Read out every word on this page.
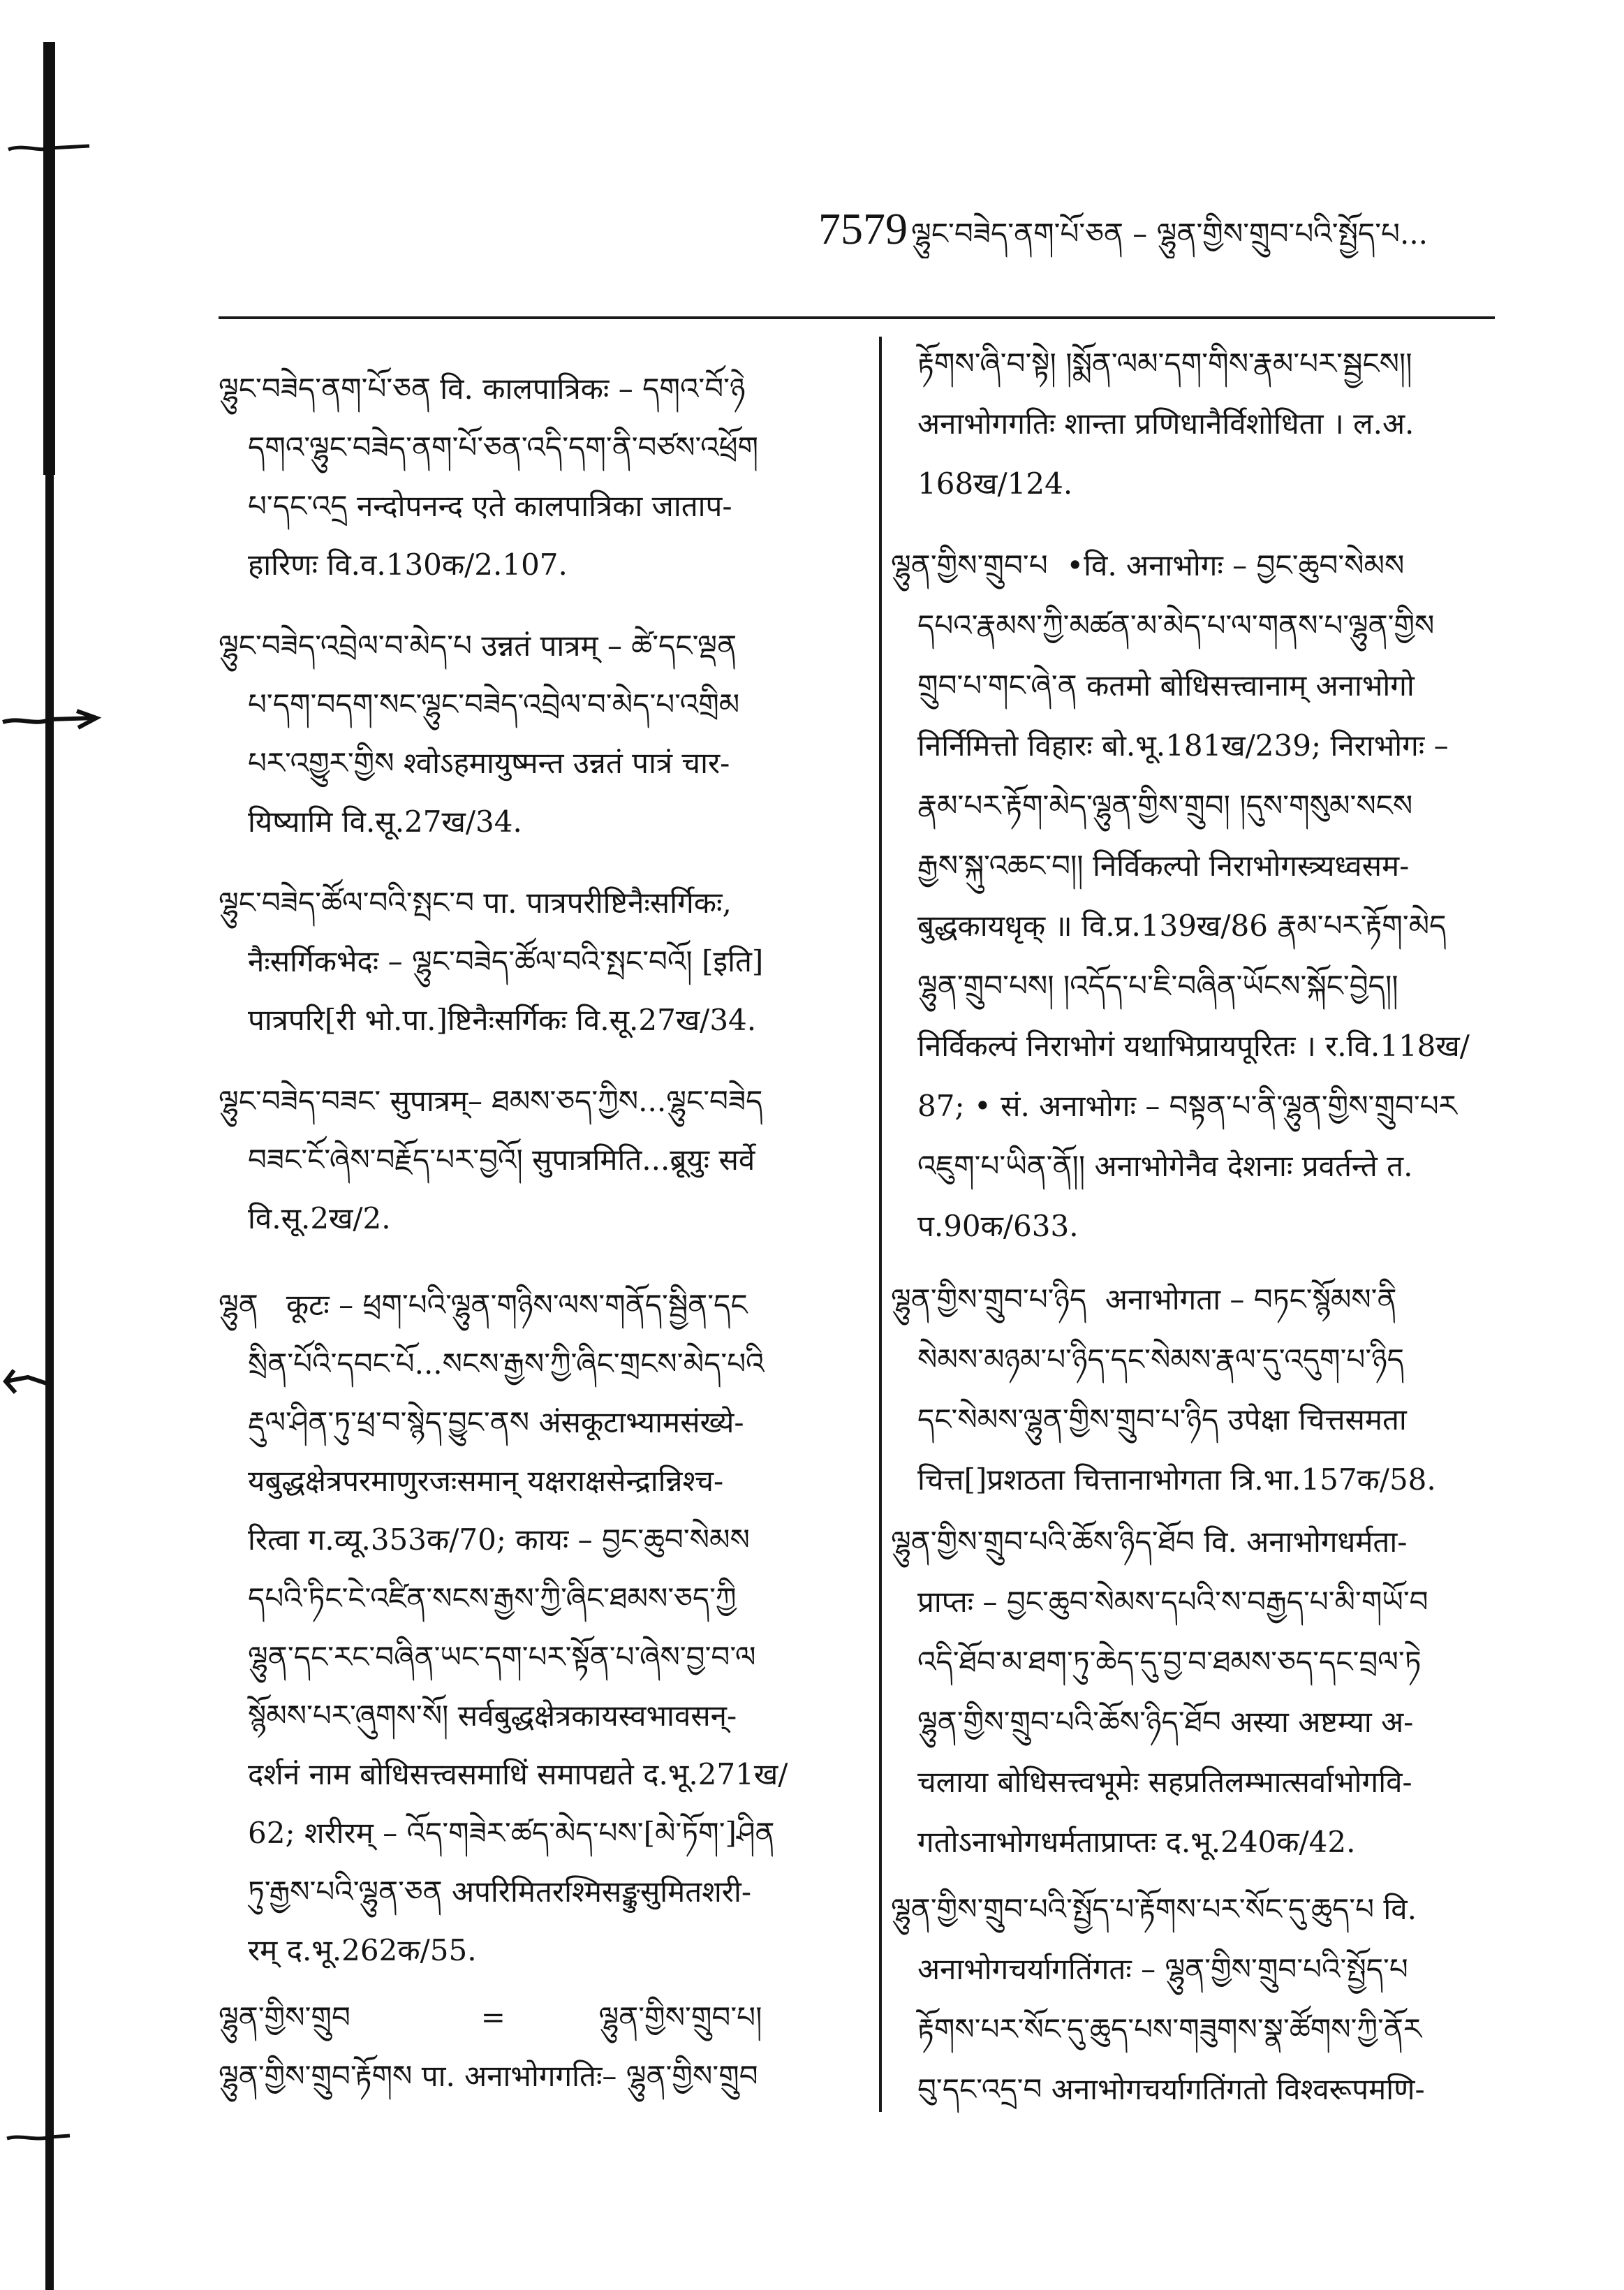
7579 ལྷུང་བཟེད་ནག་པོ་ཅན – ལྷུན་གྱིས་གྲུབ་པའི་སྤྱོད་པ...
ལྷུང་བཟེད་ནག་པོ་ཅན वि. कालपात्रिकः – དགའ་བོ་ཉེ
དགའ་ལྷུང་བཟེད་ནག་པོ་ཅན་འདི་དག་ནི་བཙས་འཕྲོག
པ་དང་འདྲ नन्दोपनन्द एते कालपात्रिका जाताप-
हारिणः वि.व.130क/2.107.
ལྷུང་བཟེད་འབྲེལ་བ་མེད་པ उन्नतं पात्रम् – ཚེ་དང་ལྡན
པ་དག་བདག་སང་ལྷུང་བཟེད་འབྲེལ་བ་མེད་པ་འགྲིམ
པར་འགྱུར་གྱིས श्वोऽहमायुष्मन्त उन्नतं पात्रं चार-
यिष्यामि वि.सू.27ख/34.
ལྷུང་བཟེད་ཚོལ་བའི་སྤང་བ पा. पात्रपरीष्टिनैःसर्गिकः,
नैःसर्गिकभेदः – ལྷུང་བཟེད་ཚོལ་བའི་སྤང་བའོ། [इति]
पात्रपरि[री भो.पा.]ष्टिनैःसर्गिकः वि.सू.27ख/34.
ལྷུང་བཟེད་བཟང་ सुपात्रम्– ཐམས་ཅད་ཀྱིས...ལྷུང་བཟེད
བཟང་ངོ་ཞེས་བརྗོད་པར་བྱའོ། सुपात्रमिति...ब्रूयुः सर्वे
वि.सू.2ख/2.
ལྷུན   कूटः – ཕྲག་པའི་ལྷུན་གཉིས་ལས་གནོད་སྦྱིན་དང
སྲིན་པོའི་དབང་པོ...སངས་རྒྱས་ཀྱི་ཞིང་གྲངས་མེད་པའི
རྡུལ་ཤིན་ཏུ་ཕྲ་བ་སྙེད་བྱུང་ནས अंसकूटाभ्यामसंख्ये-
यबुद्धक्षेत्रपरमाणुरजःसमान् यक्षराक्षसेन्द्रान्निश्च-
रित्वा ग.व्यू.353क/70; कायः – བྱང་ཆུབ་སེམས
དཔའི་ཏིང་ངེ་འཛིན་སངས་རྒྱས་ཀྱི་ཞིང་ཐམས་ཅད་ཀྱི
ལྷུན་དང་རང་བཞིན་ཡང་དག་པར་སྟོན་པ་ཞེས་བྱ་བ་ལ
སྙོམས་པར་ཞུགས་སོ། सर्वबुद्धक्षेत्रकायस्वभावसन्-
दर्शनं नाम बोधिसत्त्वसमाधिं समापद्यते द.भू.271ख/
62; शरीरम् – འོད་གཟེར་ཚད་མེད་པས་[མེ་ཏོག་]ཤིན
ཏུ་རྒྱས་པའི་ལྷུན་ཅན अपरिमितरश्मिसङ्कुसुमितशरी-
रम् द.भू.262क/55.
ལྷུན་གྱིས་གྲུབ              =          ལྷུན་གྱིས་གྲུབ་པ།
ལྷུན་གྱིས་གྲུབ་རྟོགས पा. अनाभोगगतिः– ལྷུན་གྱིས་གྲུབ
རྟོགས་ཞི་བ་སྟེ། །སྨོན་ལམ་དག་གིས་རྣམ་པར་སྦྱངས།།
अनाभोगगतिः शान्ता प्रणिधानैर्विशोधिता । ल.अ.
168ख/124.
ལྷུན་གྱིས་གྲུབ་པ  •वि. अनाभोगः – བྱང་ཆུབ་སེམས
དཔའ་རྣམས་ཀྱི་མཚན་མ་མེད་པ་ལ་གནས་པ་ལྷུན་གྱིས
གྲུབ་པ་གང་ཞེ་ན कतमो बोधिसत्त्वानाम् अनाभोगो
निर्निमित्तो विहारः बो.भू.181ख/239; निराभोगः –
རྣམ་པར་རྟོག་མེད་ལྷུན་གྱིས་གྲུབ། །དུས་གསུམ་སངས
རྒྱས་སྐུ་འཆང་བ།། निर्विकल्पो निराभोगस्त्र्यध्वसम-
बुद्धकायधृक् ॥ वि.प्र.139ख/86 རྣམ་པར་རྟོག་མེད
ལྷུན་གྲུབ་པས། །འདོད་པ་ཇི་བཞིན་ཡོངས་སྐོང་བྱེད།།
निर्विकल्पं निराभोगं यथाभिप्रायपूरितः । र.वि.118ख/
87; • सं. अनाभोगः – བསྟན་པ་ནི་ལྷུན་གྱིས་གྲུབ་པར
འཇུག་པ་ཡིན་ནོ།། अनाभोगेनैव देशनाः प्रवर्तन्ते त.
प.90क/633.
ལྷུན་གྱིས་གྲུབ་པ་ཉིད  अनाभोगता – བཏང་སྙོམས་ནི
སེམས་མཉམ་པ་ཉིད་དང་སེམས་རྣལ་དུ་འདུག་པ་ཉིད
དང་སེམས་ལྷུན་གྱིས་གྲུབ་པ་ཉིད उपेक्षा चित्तसमता
चित्त[]प्रशठता चित्तानाभोगता त्रि.भा.157क/58.
ལྷུན་གྱིས་གྲུབ་པའི་ཆོས་ཉིད་ཐོབ वि. अनाभोगधर्मता-
प्राप्तः – བྱང་ཆུབ་སེམས་དཔའི་ས་བརྒྱད་པ་མི་གཡོ་བ
འདི་ཐོབ་མ་ཐག་ཏུ་ཆེད་དུ་བྱ་བ་ཐམས་ཅད་དང་བྲལ་ཏེ
ལྷུན་གྱིས་གྲུབ་པའི་ཆོས་ཉིད་ཐོབ अस्या अष्टम्या अ-
चलाया बोधिसत्त्वभूमेः सहप्रतिलम्भात्सर्वाभोगवि-
गतोऽनाभोगधर्मताप्राप्तः द.भू.240क/42.
ལྷུན་གྱིས་གྲུབ་པའི་སྤྱོད་པ་རྟོགས་པར་སོང་དུ་ཆུད་པ वि.
अनाभोगचर्यागतिंगतः – ལྷུན་གྱིས་གྲུབ་པའི་སྤྱོད་པ
རྟོགས་པར་སོང་དུ་ཆུད་པས་གཟུགས་སྣ་ཚོགས་ཀྱི་ནོར
བུ་དང་འདྲ་བ अनाभोगचर्यागतिंगतो विश्वरूपमणि-
